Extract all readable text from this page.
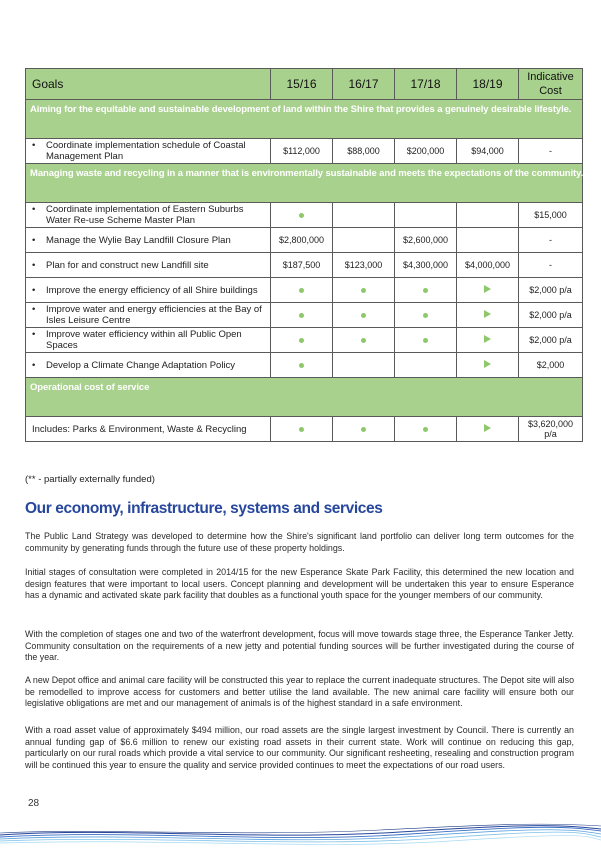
Goals	15/16	16/17	17/18	18/19	Indicative Cost

Aiming for the equitable and sustainable development of land within the Shire that provides a genuinely desirable lifestyle.					

• Coordinate implementation schedule of Coastal Management Plan	$112,000	$88,000	$200,000	$94,000	-

Managing waste and recycling in a manner that is environmentally sustainable and meets the expectations of the community.					

• Coordinate implementation of Eastern Suburbs Water Re-use Scheme Master Plan					$15,000
• Manage the Wylie Bay Landfill Closure Plan	$2,800,000		$2,600,000		-
• Plan for and construct new Landfill site	$187,500	$123,000	$4,300,000	$4,000,000	-
• Improve the energy efficiency of all Shire buildings					$2,000 p/a
• Improve water and energy efficiencies at the Bay of Isles Leisure Centre					$2,000 p/a
• Improve water efficiency within all Public Open Spaces					$2,000 p/a
• Develop a Climate Change Adaptation Policy					$2,000

Operational cost of service					

Includes: Parks & Environment, Waste & Recycling					$3,620,000 p/a
(** - partially externally funded)
Our economy, infrastructure, systems and services

The Public Land Strategy was developed to determine how the Shire's significant land portfolio can deliver long term outcomes for the community by generating funds through the future use of these property holdings.

Initial stages of consultation were completed in 2014/15 for the new Esperance Skate Park Facility, this determined the new location and design features that were important to local users. Concept planning and development will be undertaken this year to ensure Esperance has a dynamic and activated skate park facility that doubles as a functional youth space for the younger members of our community.

With the completion of stages one and two of the waterfront development, focus will move towards stage three, the Esperance Tanker Jetty. Community consultation on the requirements of a new jetty and potential funding sources will be further investigated during the course of the year.

A new Depot office and animal care facility will be constructed this year to replace the current inadequate structures. The Depot site will also be remodelled to improve access for customers and better utilise the land available. The new animal care facility will ensure both our legislative obligations are met and our management of animals is of the highest standard in a safe environment.

With a road asset value of approximately $494 million, our road assets are the single largest investment by Council. There is currently an annual funding gap of $6.6 million to renew our existing road assets in their current state. Work will continue on reducing this gap, particularly on our rural roads which provide a vital service to our community. Our significant resheeting, resealing and construction program will be continued this year to ensure the quality and service provided continues to meet the expectations of our road users.

28
